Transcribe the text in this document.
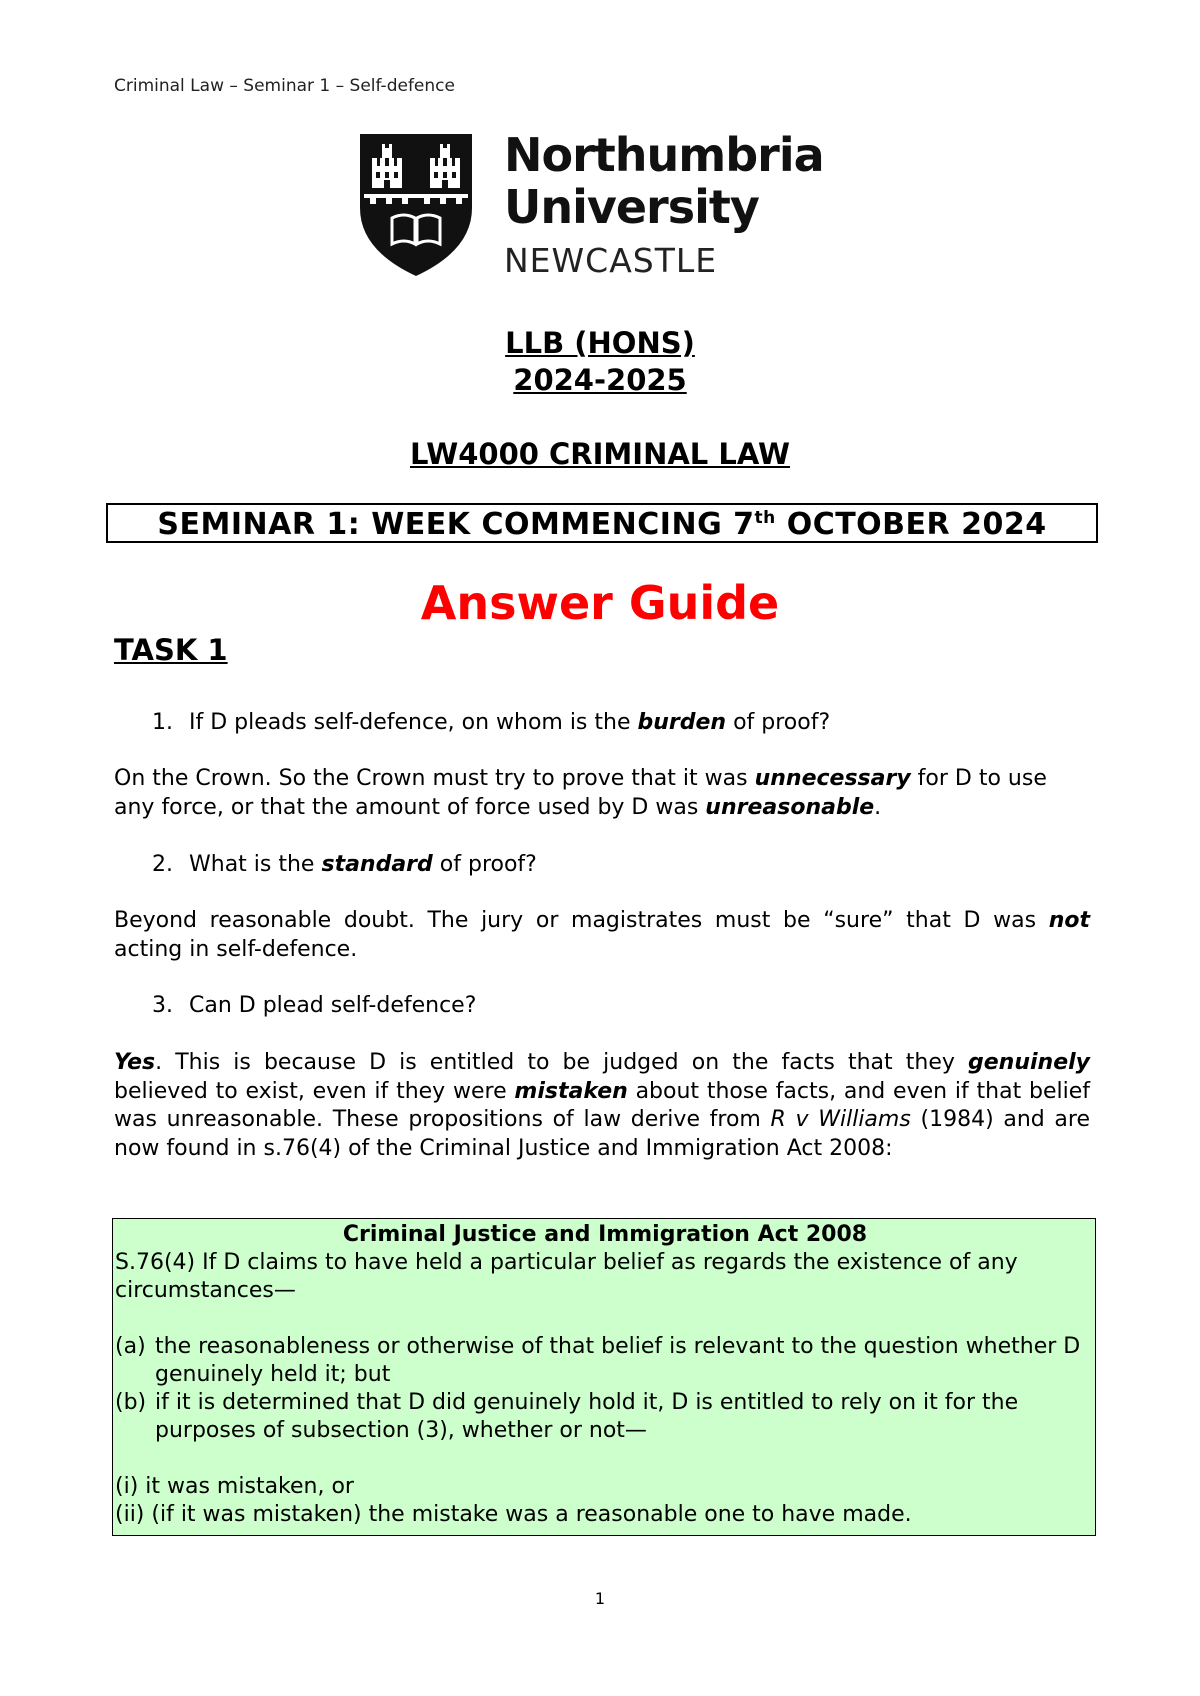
Criminal Law – Seminar 1 – Self-defence
Northumbria
University
NEWCASTLE
LLB (HONS)
2024-2025
LW4000 CRIMINAL LAW
SEMINAR 1: WEEK COMMENCING 7th OCTOBER 2024
Answer Guide
TASK 1
1. If D pleads self-defence, on whom is the burden of proof?
On the Crown. So the Crown must try to prove that it was unnecessary for D to use any force, or that the amount of force used by D was unreasonable.
2. What is the standard of proof?
Beyond reasonable doubt. The jury or magistrates must be “sure” that D was not acting in self-defence.
3. Can D plead self-defence?
Yes. This is because D is entitled to be judged on the facts that they genuinely believed to exist, even if they were mistaken about those facts, and even if that belief was unreasonable. These propositions of law derive from R v Williams (1984) and are now found in s.76(4) of the Criminal Justice and Immigration Act 2008:
Criminal Justice and Immigration Act 2008
S.76(4) If D claims to have held a particular belief as regards the existence of any circumstances—
(a) the reasonableness or otherwise of that belief is relevant to the question whether D genuinely held it; but
(b) if it is determined that D did genuinely hold it, D is entitled to rely on it for the purposes of subsection (3), whether or not—
(i) it was mistaken, or
(ii) (if it was mistaken) the mistake was a reasonable one to have made.
1
